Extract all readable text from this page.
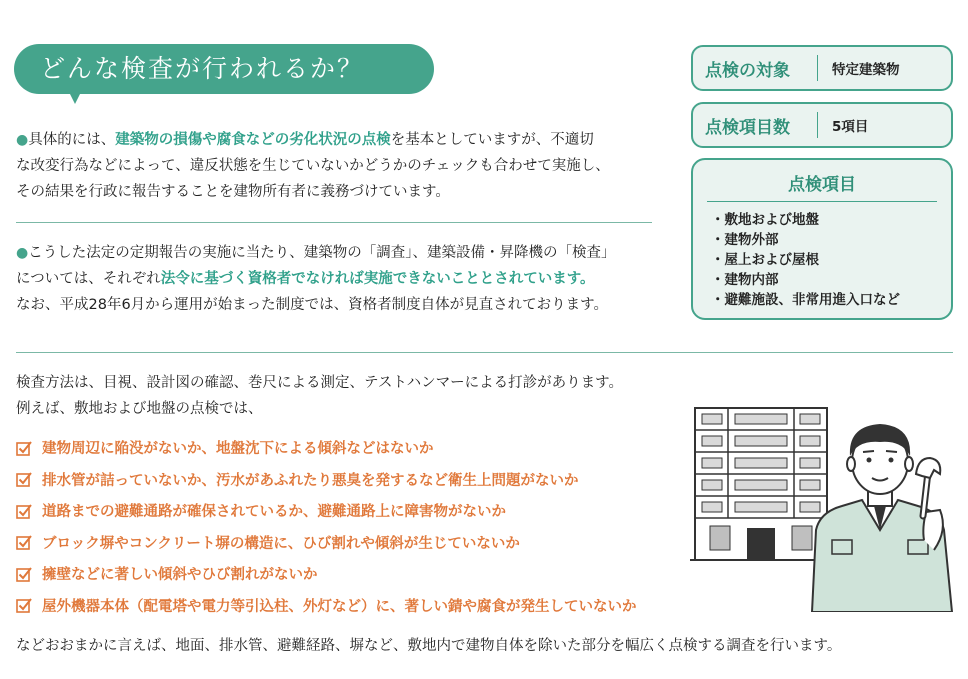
どんな検査が行われるか？

●具体的には、建築物の損傷や腐食などの劣化状況の点検を基本としていますが、不適切
な改変行為などによって、違反状態を生じていないかどうかのチェックも合わせて実施し、
その結果を行政に報告することを建物所有者に義務づけています。

●こうした法定の定期報告の実施に当たり、建築物の「調査」、建築設備・昇降機の「検査」
については、それぞれ法令に基づく資格者でなければ実施できないこととされています。
なお、平成28年6月から運用が始まった制度では、資格者制度自体が見直されております。

点検の対象	特定建築物
点検項目数	5項目
点検項目
・敷地および地盤
・建物外部
・屋上および屋根
・建物内部
・避難施設、非常用進入口など
検査方法は、目視、設計図の確認、巻尺による測定、テストハンマーによる打診があります。
例えば、敷地および地盤の点検では、
建物周辺に陥没がないか、地盤沈下による傾斜などはないか
排水管が詰っていないか、汚水があふれたり悪臭を発するなど衛生上問題がないか
道路までの避難通路が確保されているか、避難通路上に障害物がないか
ブロック塀やコンクリート塀の構造に、ひび割れや傾斜が生じていないか
擁壁などに著しい傾斜やひび割れがないか
屋外機器本体（配電塔や電力等引込柱、外灯など）に、著しい錆や腐食が発生していないか
などおおまかに言えば、地面、排水管、避難経路、塀など、敷地内で建物自体を除いた部分を幅広く点検する調査を行います。
